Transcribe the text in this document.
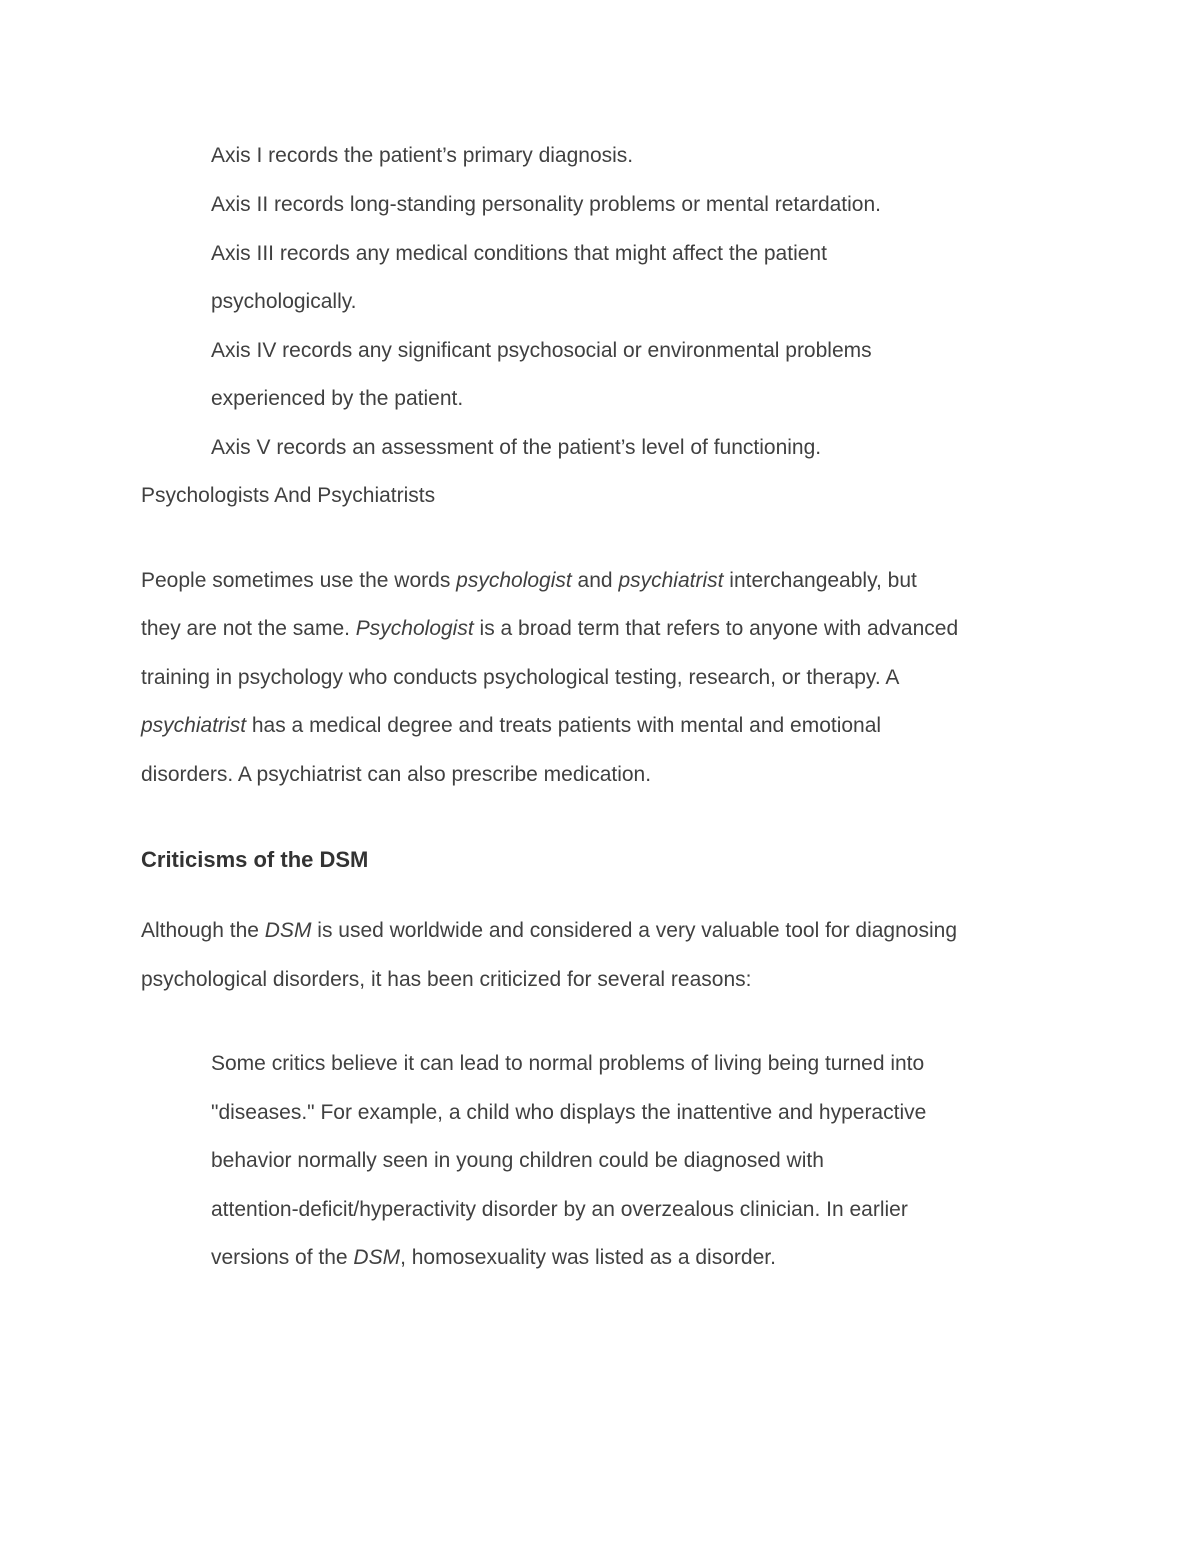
Axis I records the patient’s primary diagnosis.
Axis II records long-standing personality problems or mental retardation.
Axis III records any medical conditions that might affect the patient
psychologically.
Axis IV records any significant psychosocial or environmental problems
experienced by the patient.
Axis V records an assessment of the patient’s level of functioning.
Psychologists And Psychiatrists
People sometimes use the words psychologist and psychiatrist interchangeably, but
they are not the same. Psychologist is a broad term that refers to anyone with advanced
training in psychology who conducts psychological testing, research, or therapy. A
psychiatrist has a medical degree and treats patients with mental and emotional
disorders. A psychiatrist can also prescribe medication.
Criticisms of the DSM
Although the DSM is used worldwide and considered a very valuable tool for diagnosing
psychological disorders, it has been criticized for several reasons:
Some critics believe it can lead to normal problems of living being turned into
"diseases." For example, a child who displays the inattentive and hyperactive
behavior normally seen in young children could be diagnosed with
attention-deficit/hyperactivity disorder by an overzealous clinician. In earlier
versions of the DSM, homosexuality was listed as a disorder.
